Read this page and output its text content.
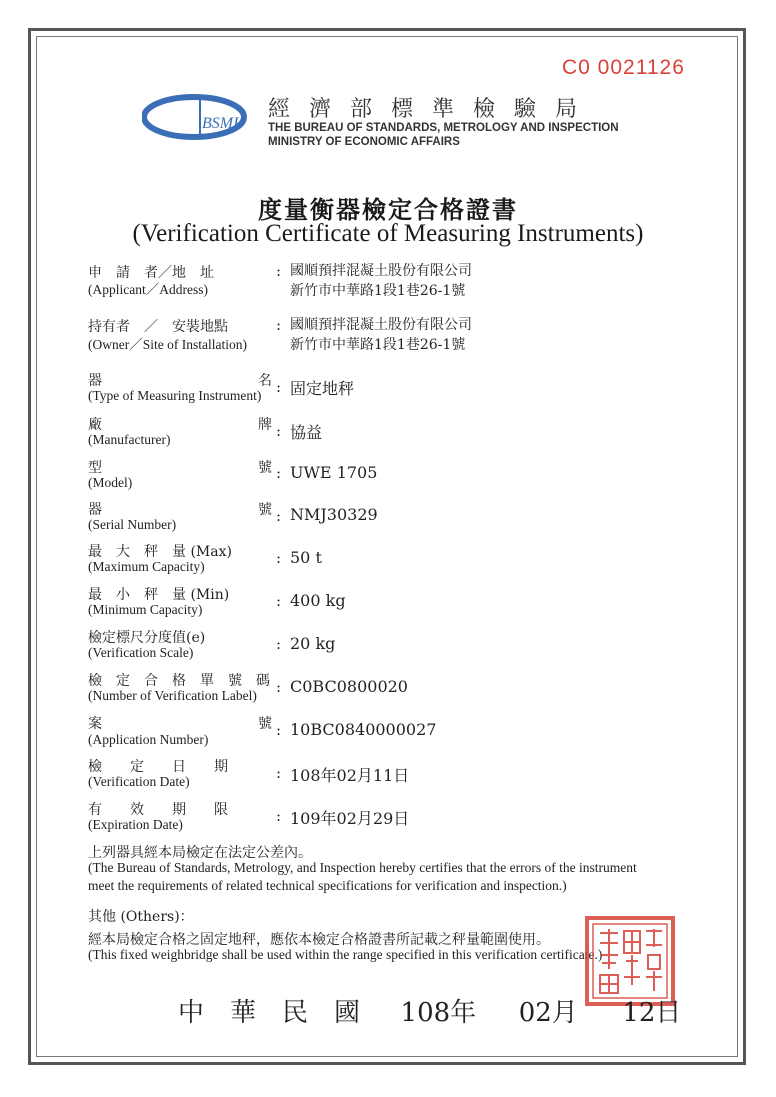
C0 0021126
BSMI
經濟部標準檢驗局
THE BUREAU OF STANDARDS, METROLOGY AND INSPECTION
MINISTRY OF ECONOMIC AFFAIRS
度量衡器檢定合格證書
(Verification Certificate of Measuring Instruments)
申　請　者／地　址
(Applicant／Address)
: 國順預拌混凝土股份有限公司
新竹市中華路1段1巷26-1號
持有者　／　安裝地點
(Owner／Site of Installation)
: 國順預拌混凝土股份有限公司
新竹市中華路1段1巷26-1號
器	名
(Type of Measuring Instrument) : 固定地秤
廠	牌
(Manufacturer)	: 協益
型	號
(Model)
: UWE 1705
器	號
(Serial Number)	: NMJ30329
最　大　秤　量 (Max)
(Maximum Capacity)	: 50 t
最　小　秤　量 (Min)
(Minimum Capacity)	: 400 kg
檢定標尺分度值(e)
(Verification Scale)	: 20 kg
檢　定　合　格　單　號　碼
(Number of Verification Label) : C0BC0800020
案	號
(Application Number)
: 10BC0840000027
檢　　定　　日　　期
(Verification Date)	: 108年02月11日
有　　效　　期　　限
(Expiration Date)	: 109年02月29日
上列器具經本局檢定在法定公差內。
(The Bureau of Standards, Metrology, and Inspection hereby certifies that the errors of the instrument
meet the requirements of related technical specifications for verification and inspection.)
其他 (Others)：
經本局檢定合格之固定地秤，應依本檢定合格證書所記載之秤量範圍使用。
(This fixed weighbridge shall be used within the range specified in this verification certificate.)
中　華　民　國 108年 02月 12日
